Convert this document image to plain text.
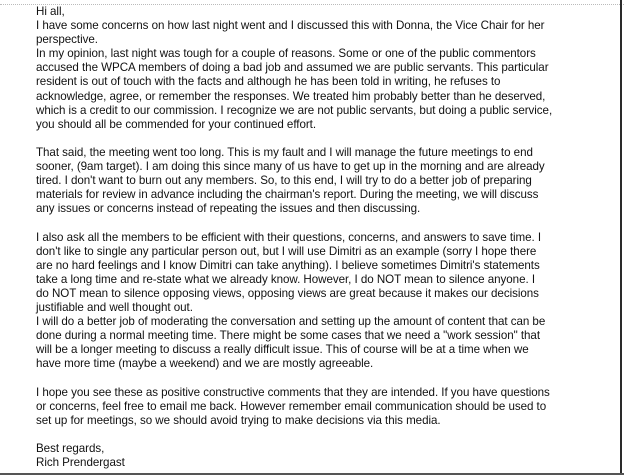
Hi all,
I have some concerns on how last night went and I discussed this with Donna, the Vice Chair for her
perspective.
In my opinion, last night was tough for a couple of reasons. Some or one of the public commentors
accused the WPCA members of doing a bad job and assumed we are public servants. This particular
resident is out of touch with the facts and although he has been told in writing, he refuses to
acknowledge, agree, or remember the responses. We treated him probably better than he deserved,
which is a credit to our commission. I recognize we are not public servants, but doing a public service,
you should all be commended for your continued effort.
That said, the meeting went too long. This is my fault and I will manage the future meetings to end
sooner, (9am target). I am doing this since many of us have to get up in the morning and are already
tired. I don't want to burn out any members. So, to this end, I will try to do a better job of preparing
materials for review in advance including the chairman's report. During the meeting, we will discuss
any issues or concerns instead of repeating the issues and then discussing.
I also ask all the members to be efficient with their questions, concerns, and answers to save time. I
don't like to single any particular person out, but I will use Dimitri as an example (sorry I hope there
are no hard feelings and I know Dimitri can take anything). I believe sometimes Dimitri's statements
take a long time and re-state what we already know. However, I do NOT mean to silence anyone. I
do NOT mean to silence opposing views, opposing views are great because it makes our decisions
justifiable and well thought out.
I will do a better job of moderating the conversation and setting up the amount of content that can be
done during a normal meeting time. There might be some cases that we need a "work session" that
will be a longer meeting to discuss a really difficult issue. This of course will be at a time when we
have more time (maybe a weekend) and we are mostly agreeable.
I hope you see these as positive constructive comments that they are intended. If you have questions
or concerns, feel free to email me back. However remember email communication should be used to
set up for meetings, so we should avoid trying to make decisions via this media.
Best regards,
Rich Prendergast
